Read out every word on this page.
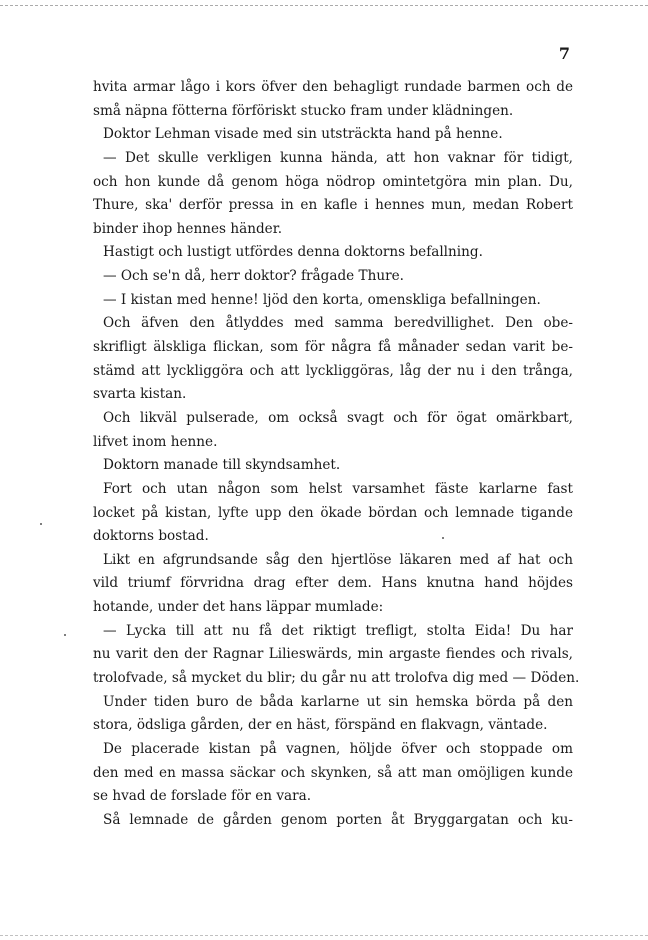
7
hvita armar lågo i kors öfver den behagligt rundade barmen och de
små näpna fötterna förföriskt stucko fram under klädningen.
Doktor Lehman visade med sin utsträckta hand på henne.
— Det skulle verkligen kunna hända, att hon vaknar för tidigt,
och hon kunde då genom höga nödrop omintetgöra min plan. Du,
Thure, ska' derför pressa in en kafle i hennes mun, medan Robert
binder ihop hennes händer.
Hastigt och lustigt utfördes denna doktorns befallning.
— Och se'n då, herr doktor? frågade Thure.
— I kistan med henne! ljöd den korta, omenskliga befallningen.
Och äfven den åtlyddes med samma beredvillighet. Den obe-
skrifligt älskliga flickan, som för några få månader sedan varit be-
stämd att lyckliggöra och att lyckliggöras, låg der nu i den trånga,
svarta kistan.
Och likväl pulserade, om också svagt och för ögat omärkbart,
lifvet inom henne.
Doktorn manade till skyndsamhet.
Fort och utan någon som helst varsamhet fäste karlarne fast
locket på kistan, lyfte upp den ökade bördan och lemnade tigande
doktorns bostad.
Likt en afgrundsande såg den hjertlöse läkaren med af hat och
vild triumf förvridna drag efter dem. Hans knutna hand höjdes
hotande, under det hans läppar mumlade:
— Lycka till att nu få det riktigt trefligt, stolta Eida! Du har
nu varit den der Ragnar Lilieswärds, min argaste fiendes och rivals,
trolofvade, så mycket du blir; du går nu att trolofva dig med — Döden.
Under tiden buro de båda karlarne ut sin hemska börda på den
stora, ödsliga gården, der en häst, förspänd en flakvagn, väntade.
De placerade kistan på vagnen, höljde öfver och stoppade om
den med en massa säckar och skynken, så att man omöjligen kunde
se hvad de forslade för en vara.
Så lemnade de gården genom porten åt Bryggargatan och ku-
